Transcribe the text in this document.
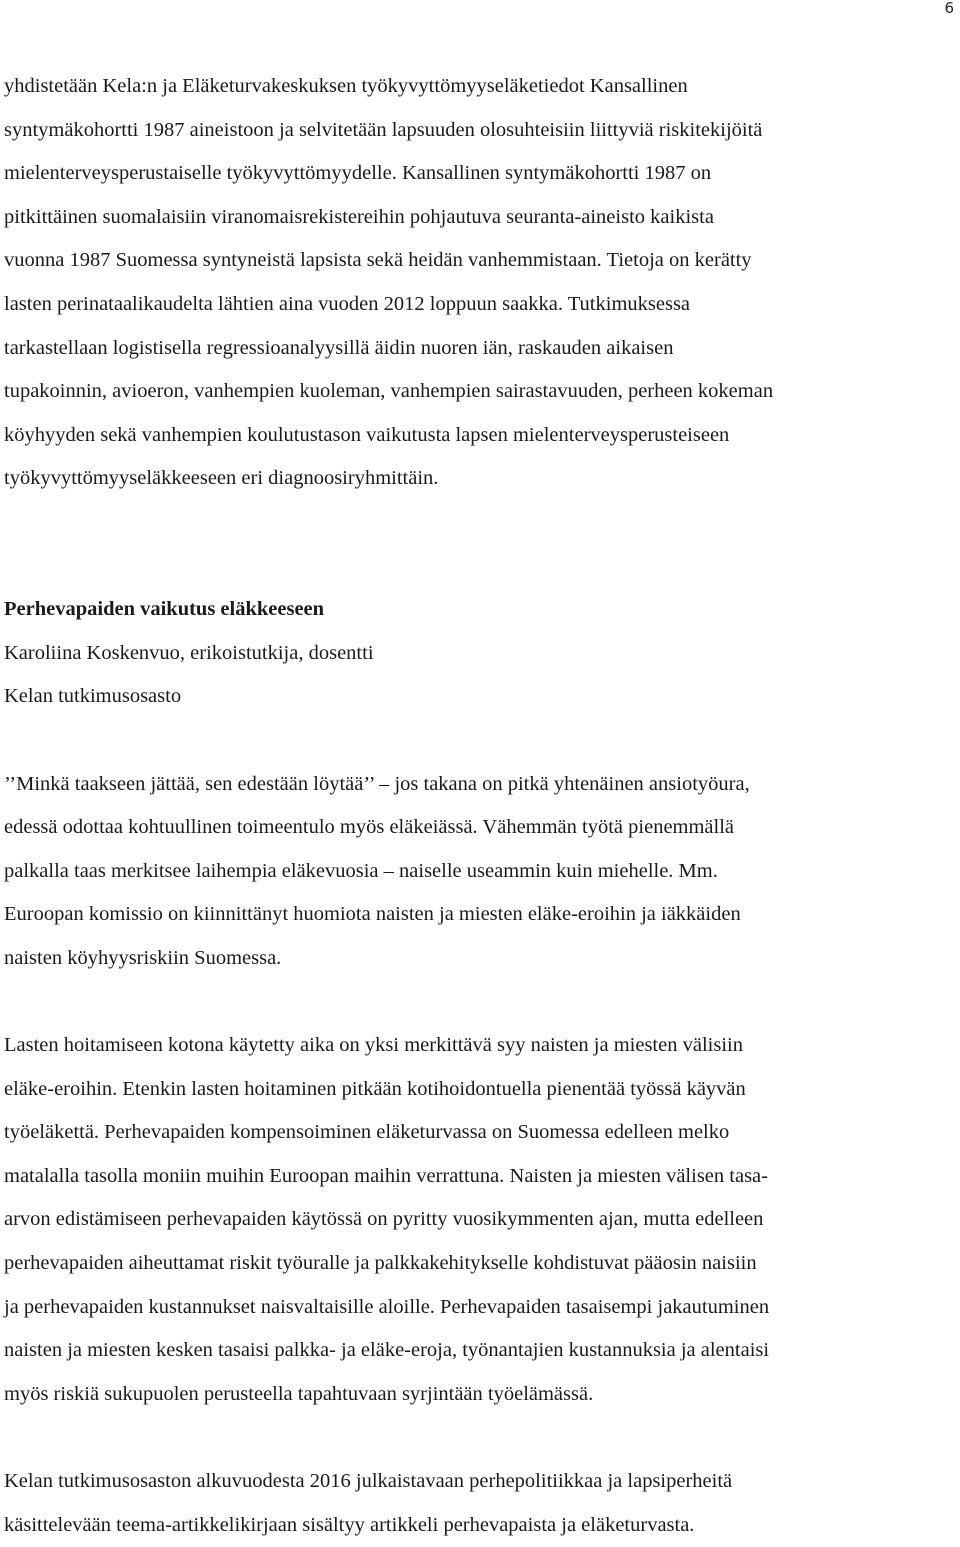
6

yhdistetään Kela:n ja Eläketurvakeskuksen työkyvyttömyyseläketiedot Kansallinen

syntymäkohortti 1987 aineistoon ja selvitetään lapsuuden olosuhteisiin liittyviä riskitekijöitä

mielenterveysperustaiselle työkyvyttömyydelle. Kansallinen syntymäkohortti 1987 on

pitkittäinen suomalaisiin viranomaisrekistereihin pohjautuva seuranta-aineisto kaikista

vuonna 1987 Suomessa syntyneistä lapsista sekä heidän vanhemmistaan. Tietoja on kerätty

lasten perinataalikaudelta lähtien aina vuoden 2012 loppuun saakka. Tutkimuksessa

tarkastellaan logistisella regressioanalyysillä äidin nuoren iän, raskauden aikaisen

tupakoinnin, avioeron, vanhempien kuoleman, vanhempien sairastavuuden, perheen kokeman

köyhyyden sekä vanhempien koulutustason vaikutusta lapsen mielenterveysperusteiseen

työkyvyttömyyseläkkeeseen eri diagnoosiryhmittäin.

Perhevapaiden vaikutus eläkkeeseen

Karoliina Koskenvuo, erikoistutkija, dosentti

Kelan tutkimusosasto

’’Minkä taakseen jättää, sen edestään löytää’’ – jos takana on pitkä yhtenäinen ansiotyöura,

edessä odottaa kohtuullinen toimeentulo myös eläkeiässä. Vähemmän työtä pienemmällä

palkalla taas merkitsee laihempia eläkevuosia – naiselle useammin kuin miehelle. Mm.

Euroopan komissio on kiinnittänyt huomiota naisten ja miesten eläke-eroihin ja iäkkäiden

naisten köyhyysriskiin Suomessa.

Lasten hoitamiseen kotona käytetty aika on yksi merkittävä syy naisten ja miesten välisiin

eläke-eroihin. Etenkin lasten hoitaminen pitkään kotihoidontuella pienentää työssä käyvän

työeläkettä. Perhevapaiden kompensoiminen eläketurvassa on Suomessa edelleen melko

matalalla tasolla moniin muihin Euroopan maihin verrattuna. Naisten ja miesten välisen tasa-

arvon edistämiseen perhevapaiden käytössä on pyritty vuosikymmenten ajan, mutta edelleen

perhevapaiden aiheuttamat riskit työuralle ja palkkakehitykselle kohdistuvat pääosin naisiin

ja perhevapaiden kustannukset naisvaltaisille aloille. Perhevapaiden tasaisempi jakautuminen

naisten ja miesten kesken tasaisi palkka- ja eläke-eroja, työnantajien kustannuksia ja alentaisi

myös riskiä sukupuolen perusteella tapahtuvaan syrjintään työelämässä.

Kelan tutkimusosaston alkuvuodesta 2016 julkaistavaan perhepolitiikkaa ja lapsiperheitä

käsittelevään teema-artikkelikirjaan sisältyy artikkeli perhevapaista ja eläketurvasta.
